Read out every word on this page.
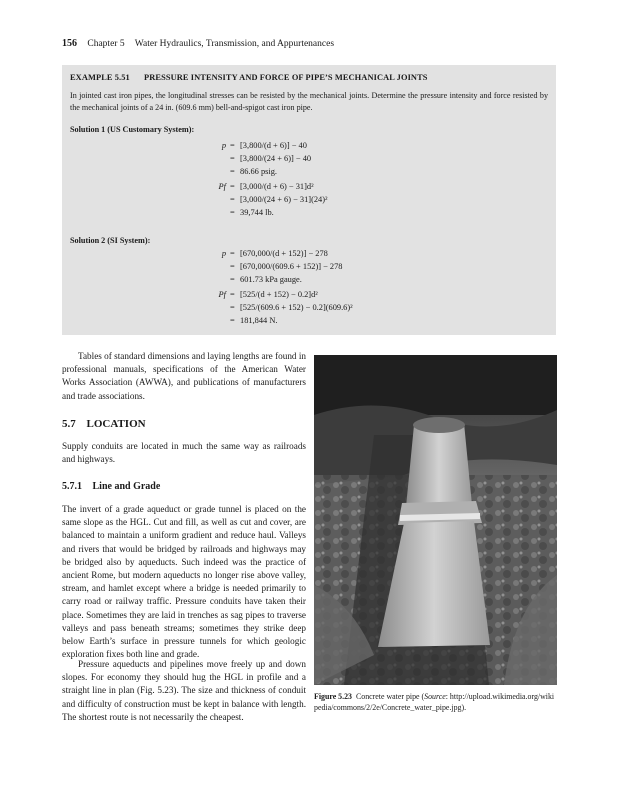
156 Chapter 5 Water Hydraulics, Transmission, and Appurtenances
EXAMPLE 5.51 PRESSURE INTENSITY AND FORCE OF PIPE’S MECHANICAL JOINTS
In jointed cast iron pipes, the longitudinal stresses can be resisted by the mechanical joints. Determine the pressure intensity and force resisted by the mechanical joints of a 24 in. (609.6 mm) bell-and-spigot cast iron pipe.
Solution 1 (US Customary System):
p = [3,800/(d + 6)] − 40
= [3,800/(24 + 6)] − 40
= 86.66 psig.
Pf = [3,000/(d + 6) − 31]d²
= [3,000/(24 + 6) − 31](24)²
= 39,744 lb.
Solution 2 (SI System):
p = [670,000/(d + 152)] − 278
= [670,000/(609.6 + 152)] − 278
= 601.73 kPa gauge.
Pf = [525/(d + 152) − 0.2]d²
= [525/(609.6 + 152) − 0.2](609.6)²
= 181,844 N.
Tables of standard dimensions and laying lengths are found in professional manuals, specifications of the American Water Works Association (AWWA), and publications of manufacturers and trade associations.
5.7 LOCATION
Supply conduits are located in much the same way as railroads and highways.
5.7.1 Line and Grade
The invert of a grade aqueduct or grade tunnel is placed on the same slope as the HGL. Cut and fill, as well as cut and cover, are balanced to maintain a uniform gradient and reduce haul. Valleys and rivers that would be bridged by railroads and highways may be bridged also by aqueducts. Such indeed was the practice of ancient Rome, but modern aqueducts no longer rise above valley, stream, and hamlet except where a bridge is needed primarily to carry road or railway traffic. Pressure conduits have taken their place. Sometimes they are laid in trenches as sag pipes to traverse valleys and pass beneath streams; sometimes they strike deep below Earth’s surface in pressure tunnels for which geologic exploration fixes both line and grade.
Pressure aqueducts and pipelines move freely up and down slopes. For economy they should hug the HGL in profile and a straight line in plan (Fig. 5.23). The size and thickness of conduit and difficulty of construction must be kept in balance with length. The shortest route is not necessarily the cheapest.
Figure 5.23 Concrete water pipe (Source: http://upload.wikimedia.org/wikipedia/commons/2/2e/Concrete_water_pipe.jpg).
